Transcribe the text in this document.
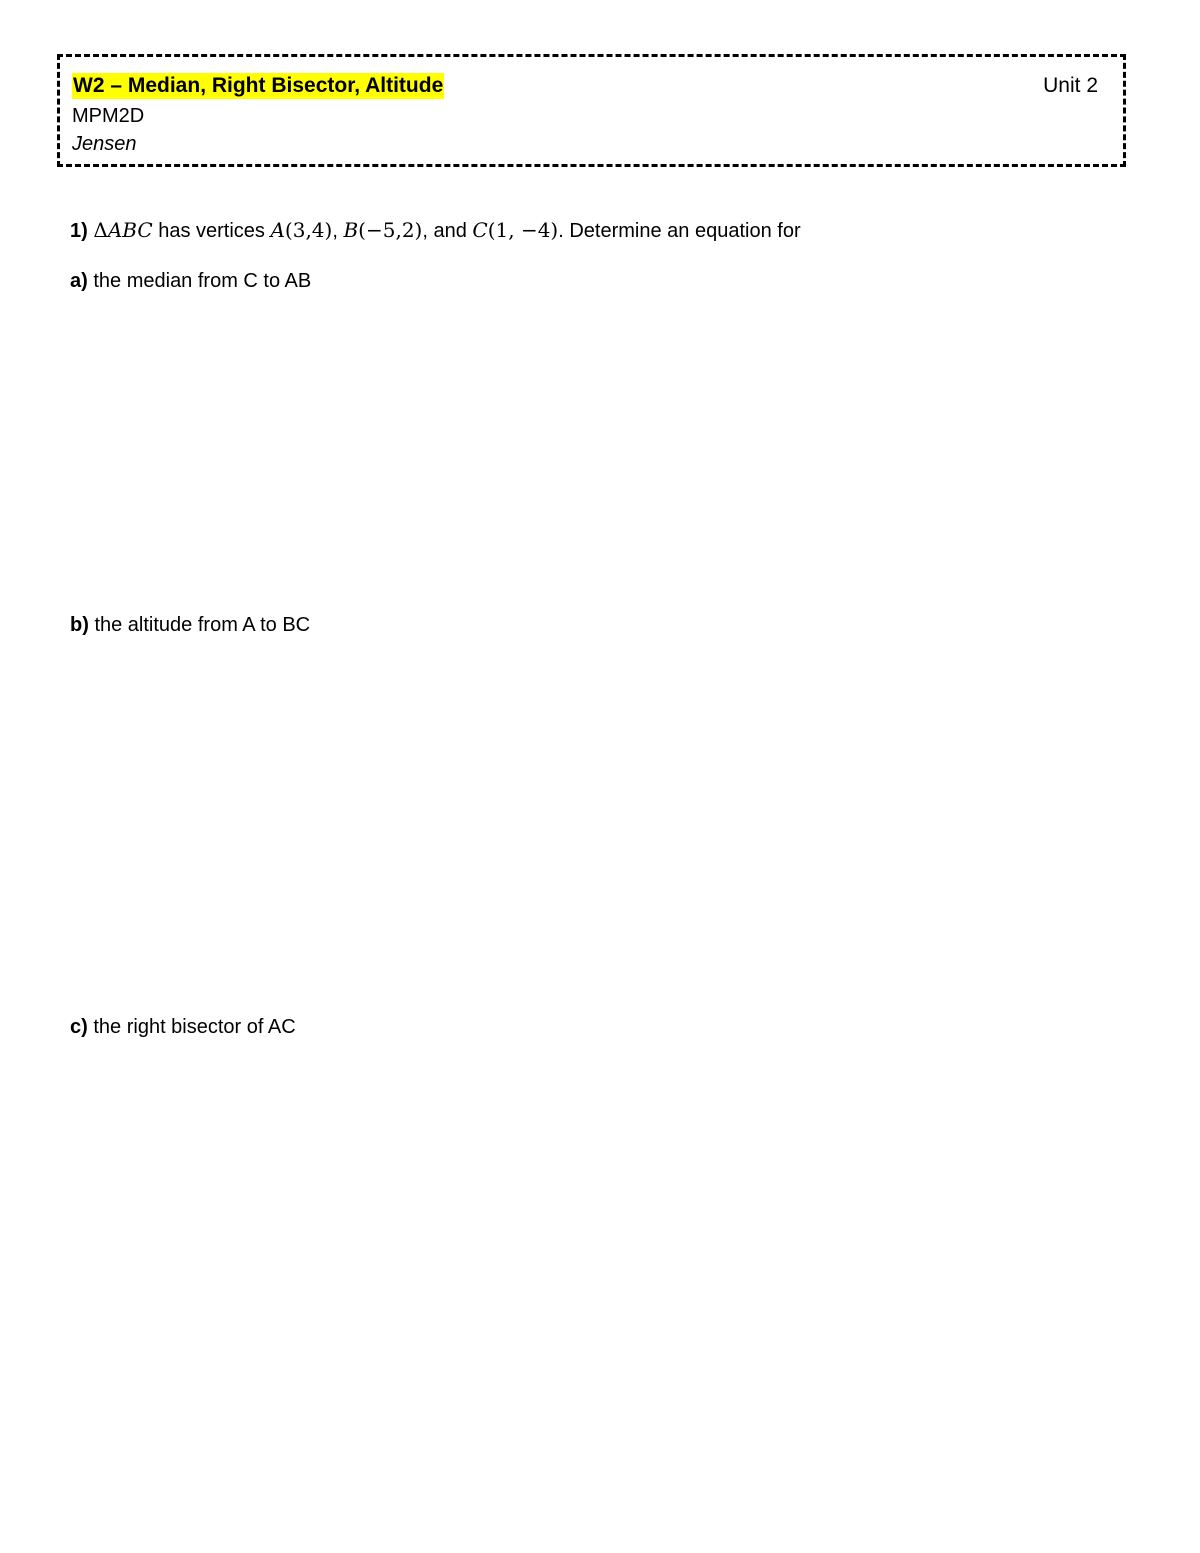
W2 – Median, Right Bisector, Altitude	Unit 2
MPM2D
Jensen
1) ΔABC has vertices A(3,4), B(−5,2), and C(1, −4). Determine an equation for
a) the median from C to AB
b) the altitude from A to BC
c) the right bisector of AC
